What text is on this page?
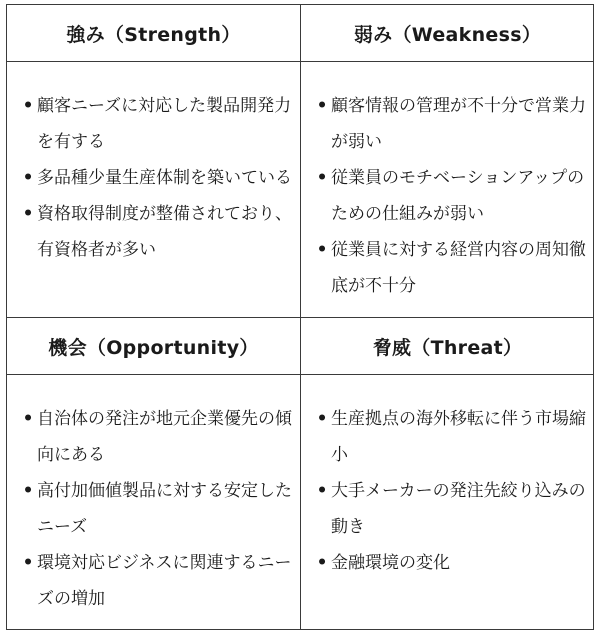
強み（Strength）	弱み（Weakness）
• 顧客ニーズに対応した製品開発力を有する
• 多品種少量生産体制を築いている
• 資格取得制度が整備されており、有資格者が多い
• 顧客情報の管理が不十分で営業力が弱い
• 従業員のモチベーションアップのための仕組みが弱い
• 従業員に対する経営内容の周知徹底が不十分
機会（Opportunity）	脅威（Threat）
• 自治体の発注が地元企業優先の傾向にある
• 高付加価値製品に対する安定したニーズ
• 環境対応ビジネスに関連するニーズの増加
• 生産拠点の海外移転に伴う市場縮小
• 大手メーカーの発注先絞り込みの動き
• 金融環境の変化
